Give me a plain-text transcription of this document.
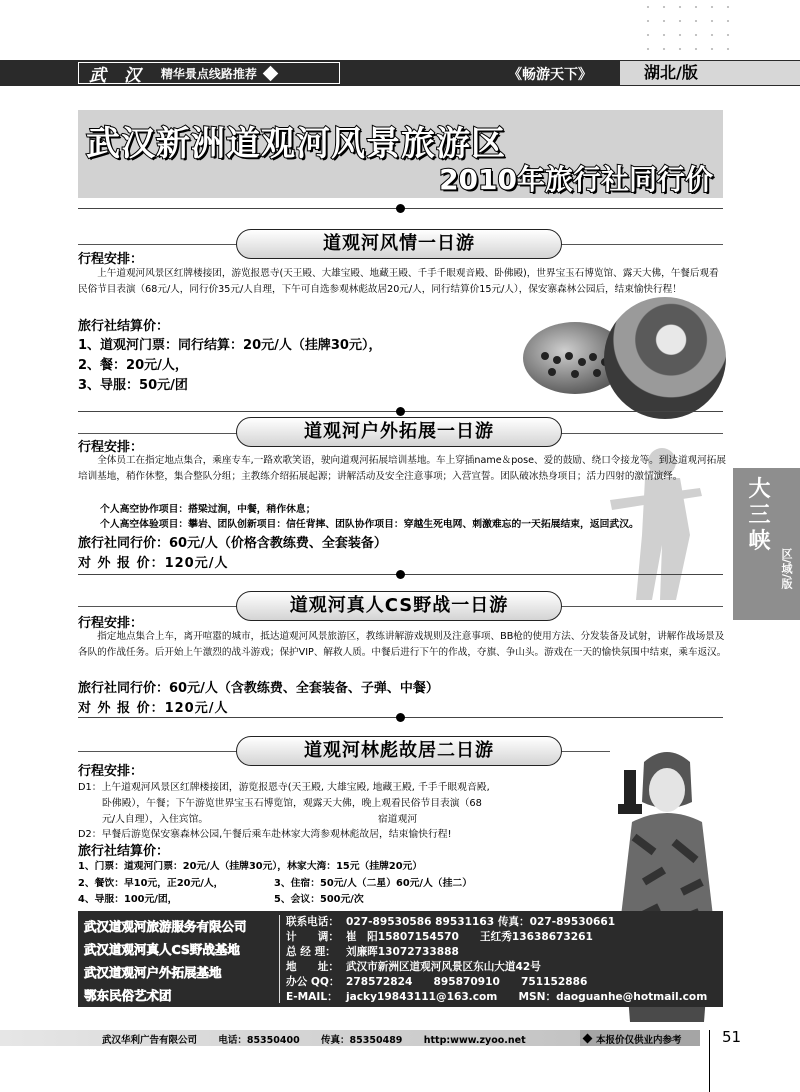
武 汉 精华景点线路推荐	《畅游天下》	湖北/版
大
三
峡
区/域/版
武汉新洲道观河风景旅游区
2010年旅行社同行价
道观河风情一日游
行程安排：
上午道观河风景区红牌楼接团，游览报恩寺(天王殿、大雄宝殿、地藏王殿、千手千眼观音殿、卧佛殿)，世界宝玉石博览馆、露天大佛，午餐后观看民俗节目表演（68元/人，同行价35元/人自理，下午可自选参观林彪故居20元/人，同行结算价15元/人），保安寨森林公园后，结束愉快行程！
旅行社结算价：
1、道观河门票：同行结算：20元/人（挂牌30元），
2、餐：20元/人，
3、导服：50元/团
道观河户外拓展一日游
行程安排：
全体员工在指定地点集合，乘座专车,一路欢歌笑语，驶向道观河拓展培训基地。车上穿插name＆pose、爱的鼓励、绕口令接龙等。到达道观河拓展培训基地，稍作休整，集合整队分组；主教练介绍拓展起源；讲解活动及安全注意事项；入营宣誓。团队破冰热身项目；活力四射的激情演绎。
个人高空协作项目：搭梁过涧，中餐，稍作休息；
个人高空体验项目：攀岩、团队创新项目：信任背摔、团队协作项目：穿越生死电网、刺激难忘的一天拓展结束，返回武汉。
旅行社同行价：60元/人（价格含教练费、全套装备）
对 外 报 价：120元/人
道观河真人CS野战一日游
行程安排：
指定地点集合上车，离开喧嚣的城市，抵达道观河风景旅游区，教练讲解游戏规则及注意事项、BB枪的使用方法、分发装备及试射，讲解作战场景及各队的作战任务。后开始上午激烈的战斗游戏；保护VIP、解救人质。中餐后进行下午的作战，夺旗、争山头。游戏在一天的愉快氛围中结束，乘车返汉。
旅行社同行价：60元/人（含教练费、全套装备、子弹、中餐）
对 外 报 价：120元/人
道观河林彪故居二日游
行程安排：
D1：上午道观河风景区红牌楼接团，游览报恩寺(天王殿, 大雄宝殿, 地藏王殿, 千手千眼观音殿,
卧佛殿），午餐；下午游览世界宝玉石博览馆，观露天大佛，晚上观看民俗节目表演（68
元/人自理），入住宾馆。	宿道观河
D2：早餐后游览保安寨森林公园,午餐后乘车赴林家大湾参观林彪故居，结束愉快行程!
旅行社结算价：
1、门票：道观河门票：20元/人（挂牌30元），林家大湾：15元（挂牌20元）
2、餐饮：早10元，正20元/人，	3、住宿：50元/人（二星）60元/人（挂二）
4、导服：100元/团，	5、会议：500元/次
武汉道观河旅游服务有限公司
武汉道观河真人CS野战基地
武汉道观河户外拓展基地
鄂东民俗艺术团
联系电话： 027-89530586 89531163 传真：027-89530661
计　　调： 崔　阳15807154570　　王红秀13638673261
总 经 理： 刘廉晖13072733888
地　　址： 武汉市新洲区道观河风景区东山大道42号
办公 QQ： 278572824　　895870910　　751152886
E-MAIL： jacky19843111@163.com　　MSN：daoguanhe@hotmail.com
武汉华利广告有限公司 电话：85350400 传真：85350489 http:www.zyoo.net	本报价仅供业内参考	51
